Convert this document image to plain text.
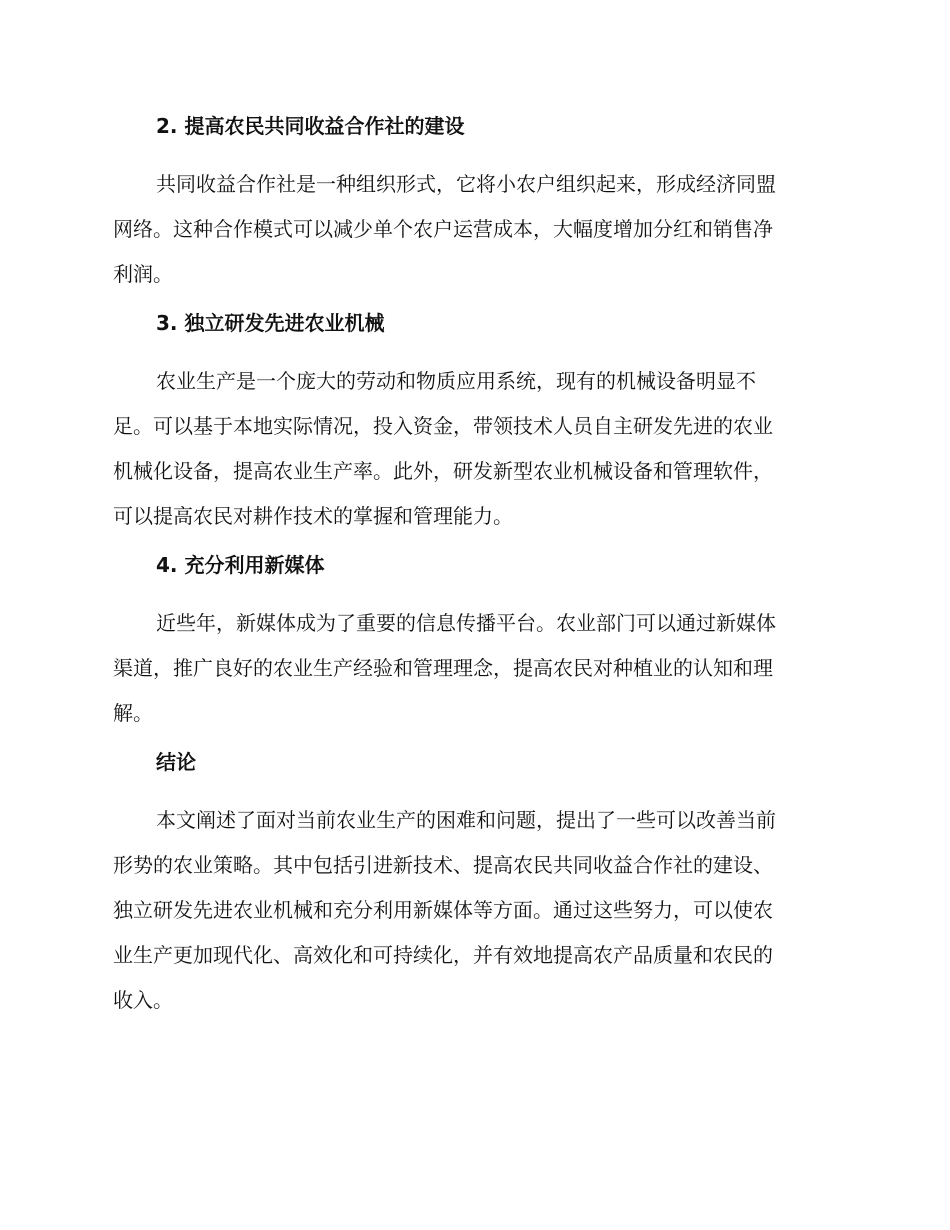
2. 提高农民共同收益合作社的建设
共同收益合作社是一种组织形式，它将小农户组织起来，形成经济同盟
网络。这种合作模式可以减少单个农户运营成本，大幅度增加分红和销售净
利润。
3. 独立研发先进农业机械
农业生产是一个庞大的劳动和物质应用系统，现有的机械设备明显不
足。可以基于本地实际情况，投入资金，带领技术人员自主研发先进的农业
机械化设备，提高农业生产率。此外，研发新型农业机械设备和管理软件，
可以提高农民对耕作技术的掌握和管理能力。
4. 充分利用新媒体
近些年，新媒体成为了重要的信息传播平台。农业部门可以通过新媒体
渠道，推广良好的农业生产经验和管理理念，提高农民对种植业的认知和理
解。
结论
本文阐述了面对当前农业生产的困难和问题，提出了一些可以改善当前
形势的农业策略。其中包括引进新技术、提高农民共同收益合作社的建设、
独立研发先进农业机械和充分利用新媒体等方面。通过这些努力，可以使农
业生产更加现代化、高效化和可持续化，并有效地提高农产品质量和农民的
收入。
